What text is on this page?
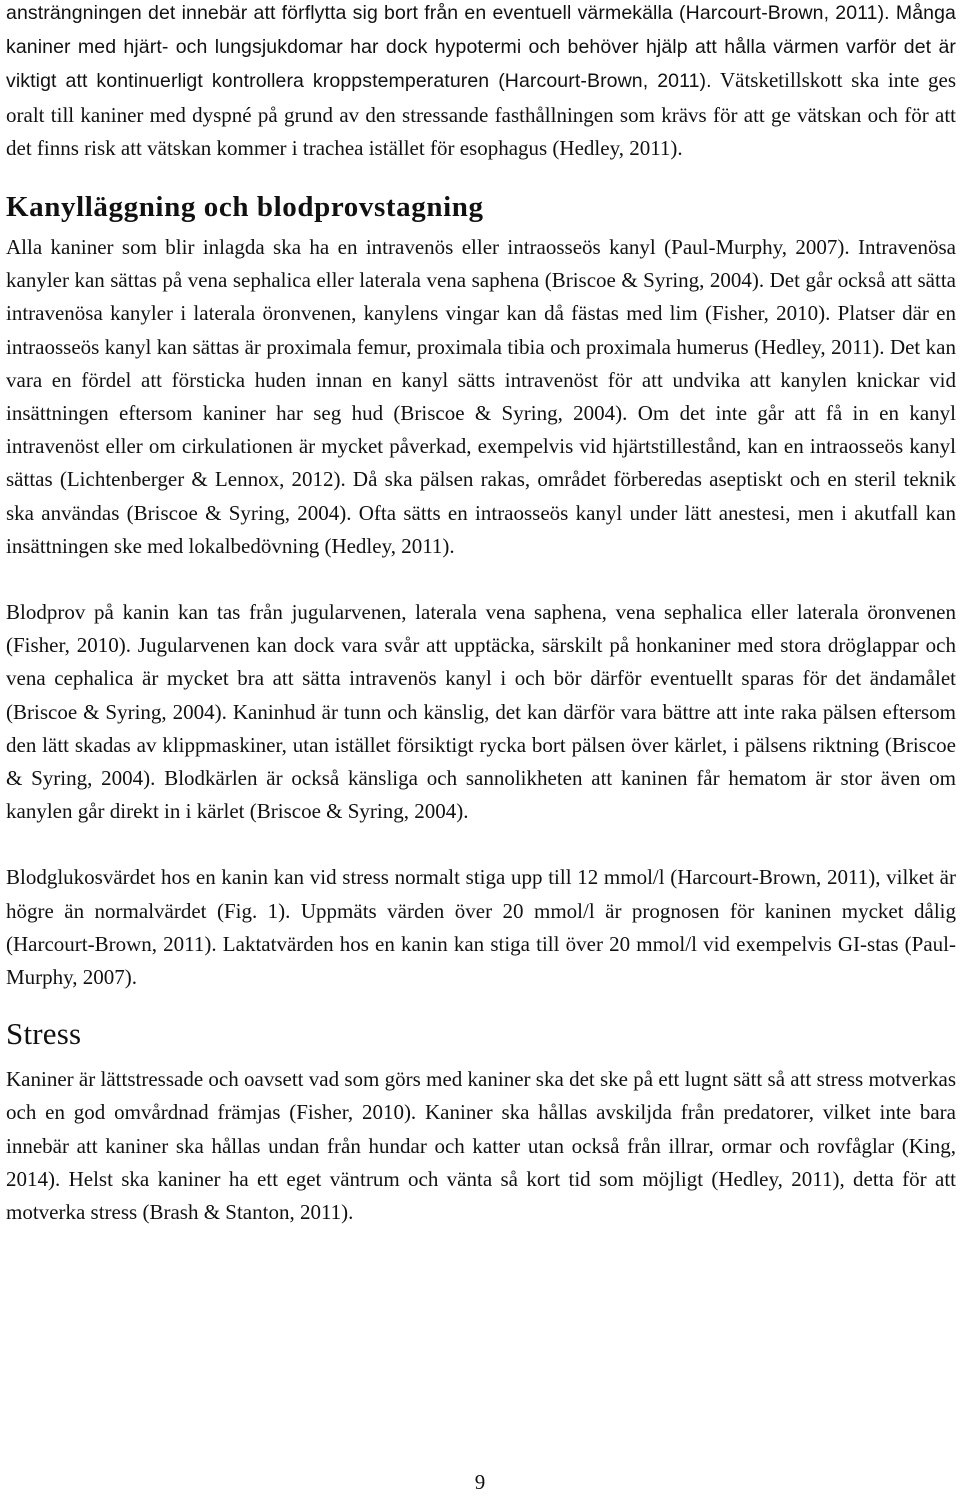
ansträngningen det innebär att förflytta sig bort från en eventuell värmekälla (Harcourt-Brown, 2011). Många kaniner med hjärt- och lungsjukdomar har dock hypotermi och behöver hjälp att hålla värmen varför det är viktigt att kontinuerligt kontrollera kroppstemperaturen (Harcourt-Brown, 2011). Vätsketillskott ska inte ges oralt till kaniner med dyspné på grund av den stressande fasthållningen som krävs för att ge vätskan och för att det finns risk att vätskan kommer i trachea istället för esophagus (Hedley, 2011).

Kanylläggning och blodprovstagning

Alla kaniner som blir inlagda ska ha en intravenös eller intraosseös kanyl (Paul-Murphy, 2007). Intravenösa kanyler kan sättas på vena sephalica eller laterala vena saphena (Briscoe & Syring, 2004). Det går också att sätta intravenösa kanyler i laterala öronvenen, kanylens vingar kan då fästas med lim (Fisher, 2010). Platser där en intraosseös kanyl kan sättas är proximala femur, proximala tibia och proximala humerus (Hedley, 2011). Det kan vara en fördel att försticka huden innan en kanyl sätts intravenöst för att undvika att kanylen knickar vid insättningen eftersom kaniner har seg hud (Briscoe & Syring, 2004). Om det inte går att få in en kanyl intravenöst eller om cirkulationen är mycket påverkad, exempelvis vid hjärtstillestånd, kan en intraosseös kanyl sättas (Lichtenberger & Lennox, 2012). Då ska pälsen rakas, området förberedas aseptiskt och en steril teknik ska användas (Briscoe & Syring, 2004). Ofta sätts en intraosseös kanyl under lätt anestesi, men i akutfall kan insättningen ske med lokalbedövning (Hedley, 2011).

Blodprov på kanin kan tas från jugularvenen, laterala vena saphena, vena sephalica eller laterala öronvenen (Fisher, 2010). Jugularvenen kan dock vara svår att upptäcka, särskilt på honkaniner med stora dröglappar och vena cephalica är mycket bra att sätta intravenös kanyl i och bör därför eventuellt sparas för det ändamålet (Briscoe & Syring, 2004). Kaninhud är tunn och känslig, det kan därför vara bättre att inte raka pälsen eftersom den lätt skadas av klippmaskiner, utan istället försiktigt rycka bort pälsen över kärlet, i pälsens riktning (Briscoe & Syring, 2004). Blodkärlen är också känsliga och sannolikheten att kaninen får hematom är stor även om kanylen går direkt in i kärlet (Briscoe & Syring, 2004).

Blodglukosvärdet hos en kanin kan vid stress normalt stiga upp till 12 mmol/l (Harcourt-Brown, 2011), vilket är högre än normalvärdet (Fig. 1). Uppmäts värden över 20 mmol/l är prognosen för kaninen mycket dålig (Harcourt-Brown, 2011). Laktatvärden hos en kanin kan stiga till över 20 mmol/l vid exempelvis GI-stas (Paul-Murphy, 2007).

Stress

Kaniner är lättstressade och oavsett vad som görs med kaniner ska det ske på ett lugnt sätt så att stress motverkas och en god omvårdnad främjas (Fisher, 2010). Kaniner ska hållas avskiljda från predatorer, vilket inte bara innebär att kaniner ska hållas undan från hundar och katter utan också från illrar, ormar och rovfåglar (King, 2014). Helst ska kaniner ha ett eget väntrum och vänta så kort tid som möjligt (Hedley, 2011), detta för att motverka stress (Brash & Stanton, 2011).

9
